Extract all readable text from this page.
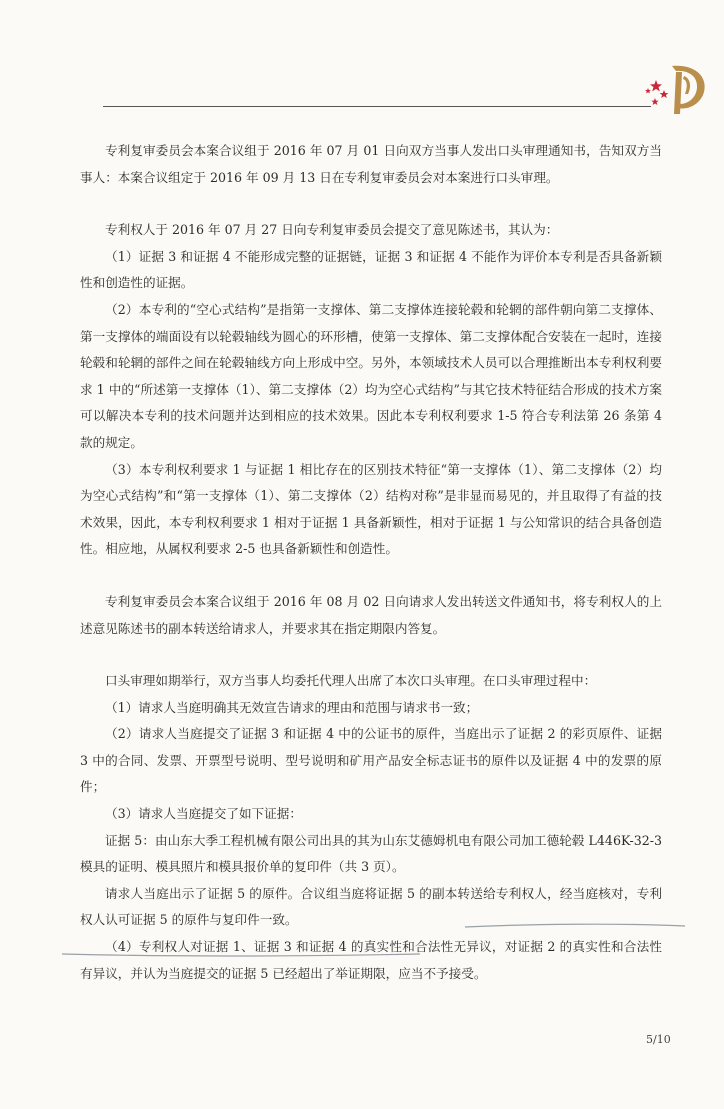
专利复审委员会本案合议组于 2016 年 07 月 01 日向双方当事人发出口头审理通知书，告知双方当事人：本案合议组定于 2016 年 09 月 13 日在专利复审委员会对本案进行口头审理。

专利权人于 2016 年 07 月 27 日向专利复审委员会提交了意见陈述书，其认为：

（1）证据 3 和证据 4 不能形成完整的证据链，证据 3 和证据 4 不能作为评价本专利是否具备新颖性和创造性的证据。

（2）本专利的“空心式结构”是指第一支撑体、第二支撑体连接轮毂和轮辋的部件朝向第二支撑体、第一支撑体的端面设有以轮毂轴线为圆心的环形槽，使第一支撑体、第二支撑体配合安装在一起时，连接轮毂和轮辋的部件之间在轮毂轴线方向上形成中空。另外，本领域技术人员可以合理推断出本专利权利要求 1 中的“所述第一支撑体（1）、第二支撑体（2）均为空心式结构”与其它技术特征结合形成的技术方案可以解决本专利的技术问题并达到相应的技术效果。因此本专利权利要求 1-5 符合专利法第 26 条第 4 款的规定。

（3）本专利权利要求 1 与证据 1 相比存在的区别技术特征“第一支撑体（1）、第二支撑体（2）均为空心式结构”和“第一支撑体（1）、第二支撑体（2）结构对称”是非显而易见的，并且取得了有益的技术效果，因此，本专利权利要求 1 相对于证据 1 具备新颖性，相对于证据 1 与公知常识的结合具备创造性。相应地，从属权利要求 2-5 也具备新颖性和创造性。

专利复审委员会本案合议组于 2016 年 08 月 02 日向请求人发出转送文件通知书，将专利权人的上述意见陈述书的副本转送给请求人，并要求其在指定期限内答复。

口头审理如期举行，双方当事人均委托代理人出席了本次口头审理。在口头审理过程中：

（1）请求人当庭明确其无效宣告请求的理由和范围与请求书一致；

（2）请求人当庭提交了证据 3 和证据 4 中的公证书的原件，当庭出示了证据 2 的彩页原件、证据 3 中的合同、发票、开票型号说明、型号说明和矿用产品安全标志证书的原件以及证据 4 中的发票的原件；

（3）请求人当庭提交了如下证据：

证据 5：由山东大季工程机械有限公司出具的其为山东艾德姆机电有限公司加工德轮毂 L446K-32-3 模具的证明、模具照片和模具报价单的复印件（共 3 页）。

请求人当庭出示了证据 5 的原件。合议组当庭将证据 5 的副本转送给专利权人，经当庭核对，专利权人认可证据 5 的原件与复印件一致。

（4）专利权人对证据 1、证据 3 和证据 4 的真实性和合法性无异议，对证据 2 的真实性和合法性有异议，并认为当庭提交的证据 5 已经超出了举证期限，应当不予接受。

5/10
